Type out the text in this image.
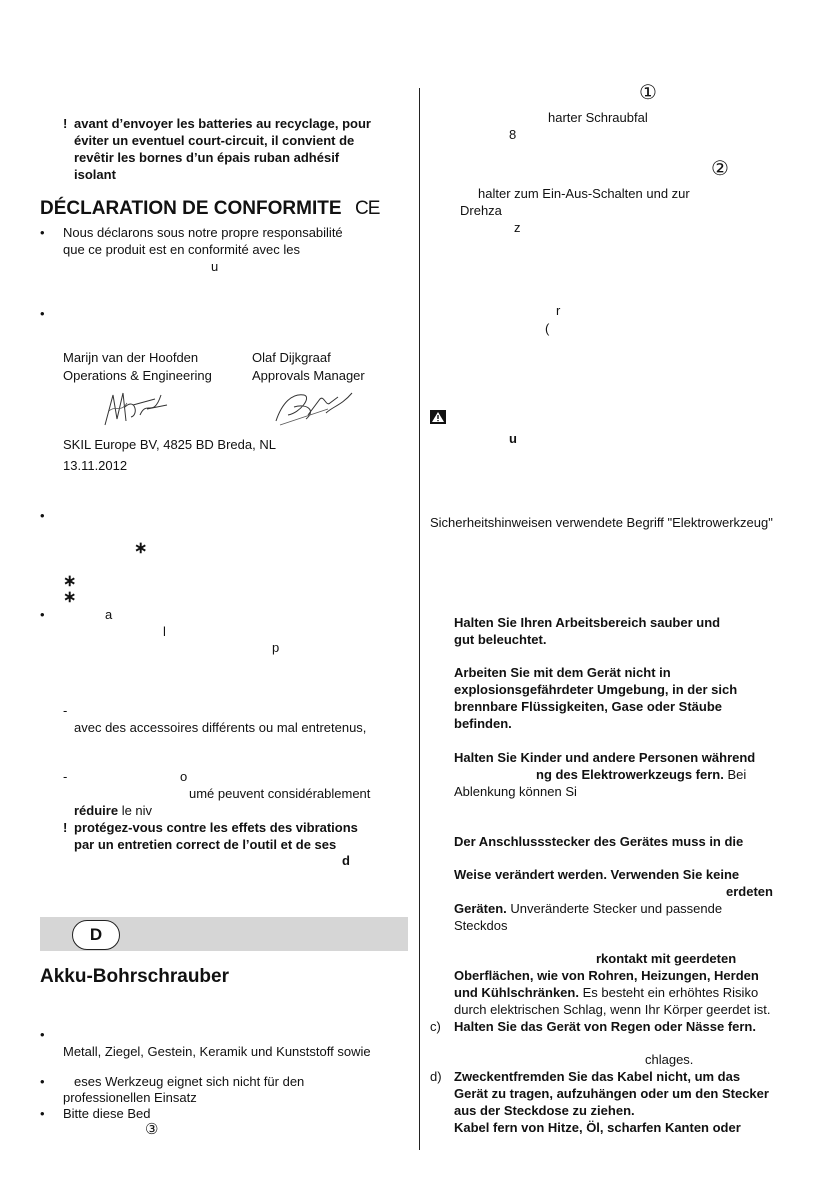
! avant d’envoyer les batteries au recyclage, pour
éviter un eventuel court-circuit, il convient de
revêtir les bornes d’un épais ruban adhésif
isolant
DÉCLARATION DE CONFORMITE CE
• Nous déclarons sous notre propre responsabilité
que ce produit est en conformité avec les
u
•
Marijn van der Hoofden	Olaf Dijkgraaf
Operations & Engineering	Approvals Manager
SKIL Europe BV, 4825 BD Breda, NL
13.11.2012
•
∗
∗
∗
•	a
l
p
-
avec des accessoires différents ou mal entretenus,
-	o
umé peuvent considérablement
réduire le niv
! protégez-vous contre les effets des vibrations
par un entretien correct de l’outil et de ses
d
D
Akku-Bohrschrauber
•
Metall, Ziegel, Gestein, Keramik und Kunststoff sowie
• eses Werkzeug eignet sich nicht für den
professionellen Einsatz
• Bitte diese Bed
③
①
harter Schraubfal
8
②
halter zum Ein-Aus-Schalten und zur
Drehza
z
r
(
u
Sicherheitshinweisen verwendete Begriff "Elektrowerkzeug"
Halten Sie Ihren Arbeitsbereich sauber und
gut beleuchtet.
Arbeiten Sie mit dem Gerät nicht in
explosionsgefährdeter Umgebung, in der sich
brennbare Flüssigkeiten, Gase oder Stäube
befinden.
Halten Sie Kinder und andere Personen während
ng des Elektrowerkzeugs fern. Bei
Ablenkung können Si
Der Anschlussstecker des Gerätes muss in die
Weise verändert werden. Verwenden Sie keine
erdeten
Geräten. Unveränderte Stecker und passende
Steckdos
rkontakt mit geerdeten
Oberflächen, wie von Rohren, Heizungen, Herden
und Kühlschränken. Es besteht ein erhöhtes Risiko
durch elektrischen Schlag, wenn Ihr Körper geerdet ist.
c) Halten Sie das Gerät von Regen oder Nässe fern.
chlages.
d) Zweckentfremden Sie das Kabel nicht, um das
Gerät zu tragen, aufzuhängen oder um den Stecker
aus der Steckdose zu ziehen.
Kabel fern von Hitze, Öl, scharfen Kanten oder
